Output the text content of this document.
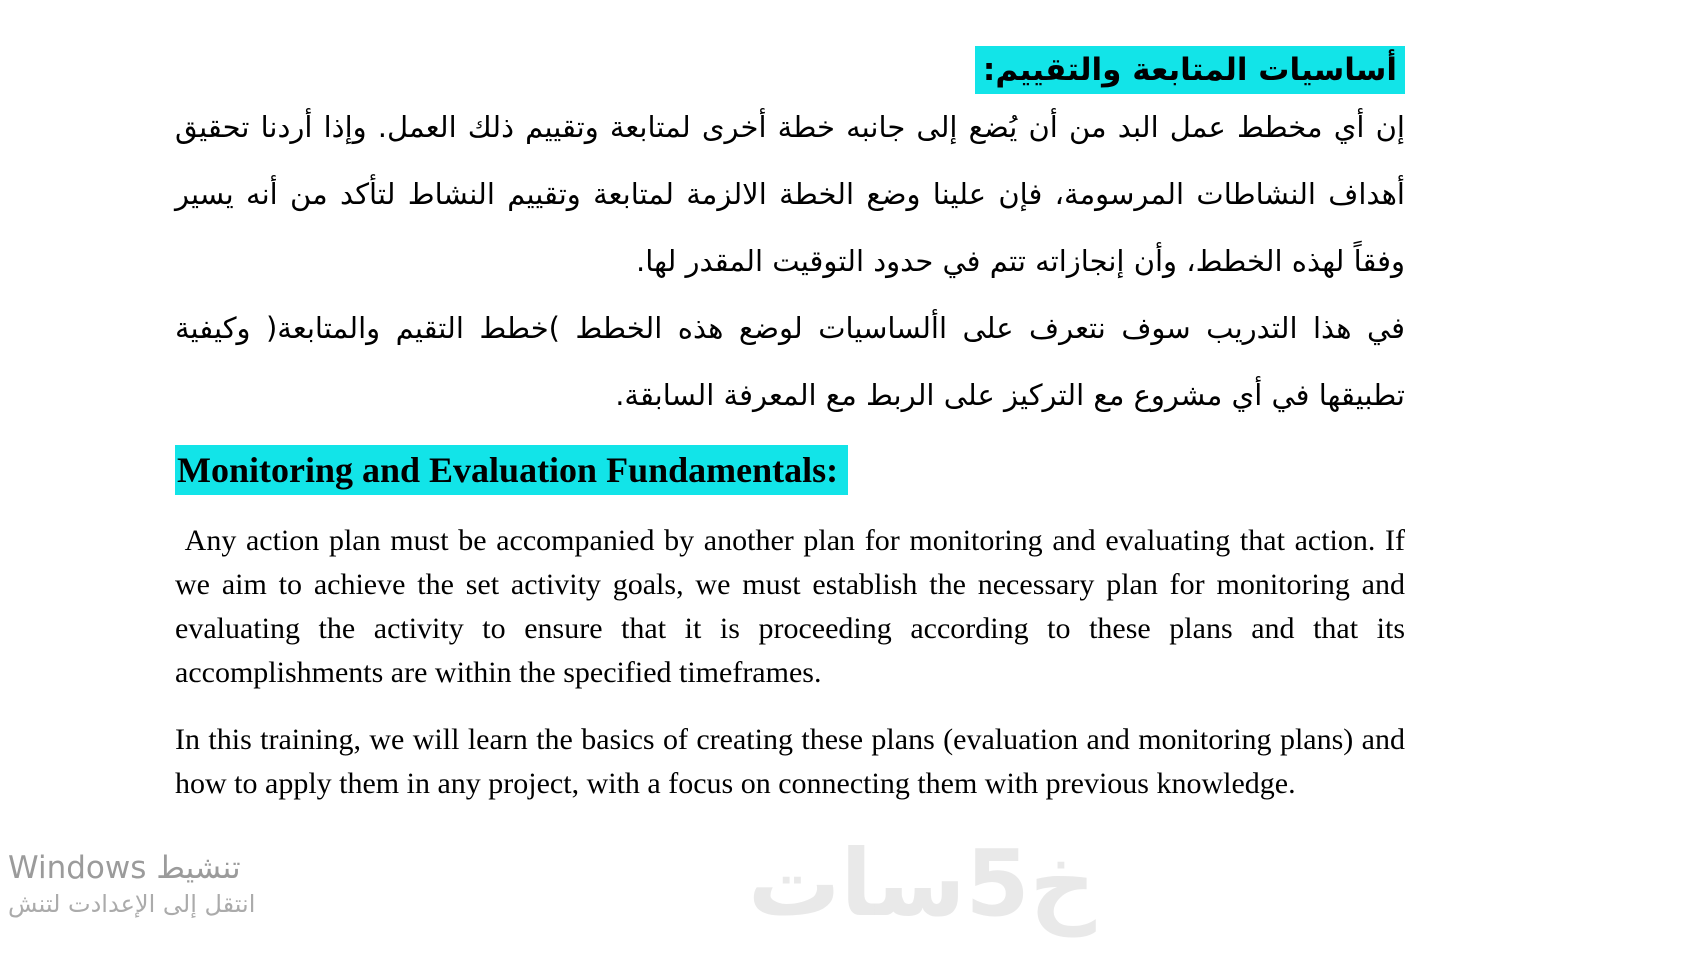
أساسيات المتابعة والتقييم:

إن أي مخطط عمل البد من أن يُضع إلى جانبه خطة أخرى لمتابعة وتقييم ذلك العمل. وإذا أردنا تحقيق أهداف النشاطات المرسومة، فإن علينا وضع الخطة الالزمة لمتابعة وتقييم النشاط لتأكد من أنه يسير وفقاً لهذه الخطط، وأن إنجازاته تتم في حدود التوقيت المقدر لها.

في هذا التدريب سوف نتعرف على األساسيات لوضع هذه الخطط )خطط التقيم والمتابعة( وكيفية تطبيقها في أي مشروع مع التركيز على الربط مع المعرفة السابقة.

Monitoring and Evaluation Fundamentals:

Any action plan must be accompanied by another plan for monitoring and evaluating that action. If we aim to achieve the set activity goals, we must establish the necessary plan for monitoring and evaluating the activity to ensure that it is proceeding according to these plans and that its accomplishments are within the specified timeframes.

In this training, we will learn the basics of creating these plans (evaluation and monitoring plans) and how to apply them in any project, with a focus on connecting them with previous knowledge.

تنشيط Windows
انتقل إلى الإعدادت لتنش	خ5سات
